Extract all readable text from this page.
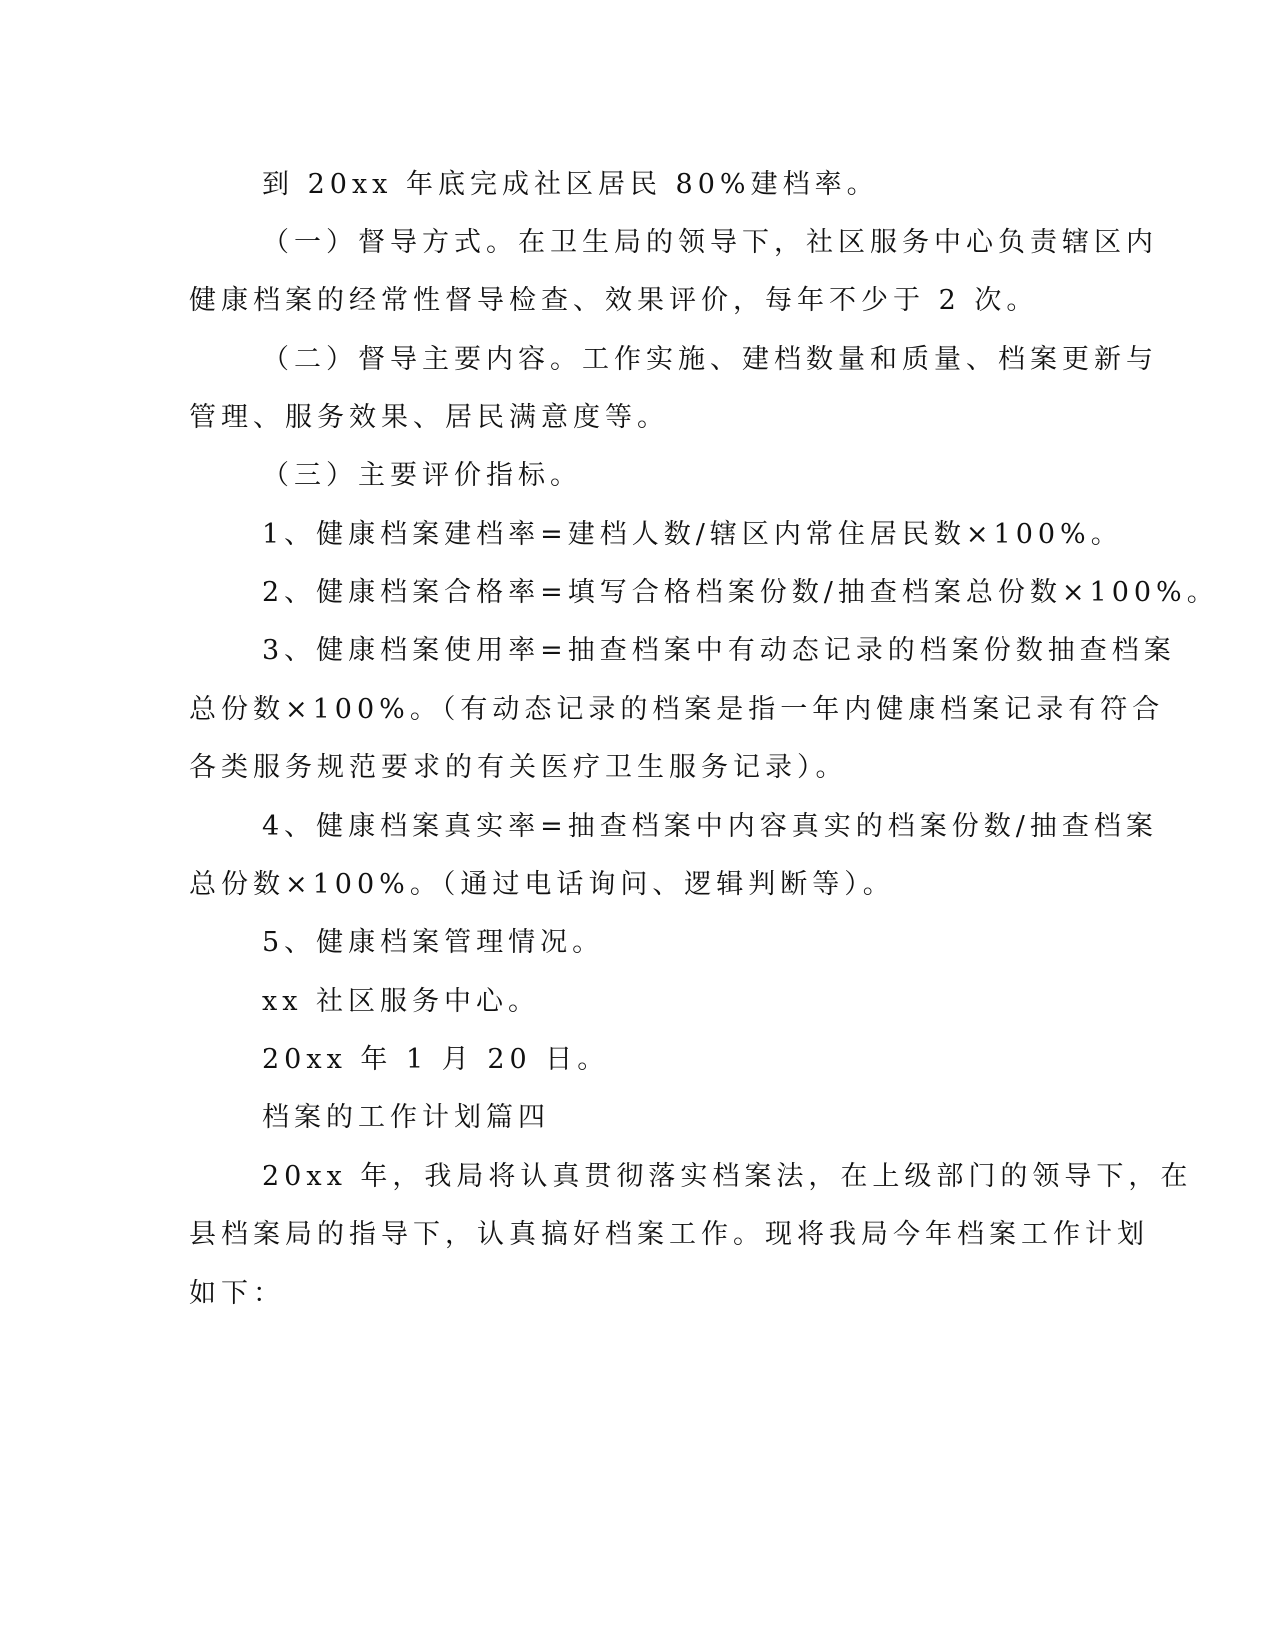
到 20xx 年底完成社区居民 80%建档率。

（一）督导方式。在卫生局的领导下，社区服务中心负责辖区内

健康档案的经常性督导检查、效果评价，每年不少于 2 次。

（二）督导主要内容。工作实施、建档数量和质量、档案更新与

管理、服务效果、居民满意度等。

（三）主要评价指标。

1、健康档案建档率=建档人数/辖区内常住居民数×100%。

2、健康档案合格率=填写合格档案份数/抽查档案总份数×100%。

3、健康档案使用率=抽查档案中有动态记录的档案份数抽查档案

总份数×100%。（有动态记录的档案是指一年内健康档案记录有符合

各类服务规范要求的有关医疗卫生服务记录）。

4、健康档案真实率=抽查档案中内容真实的档案份数/抽查档案

总份数×100%。（通过电话询问、逻辑判断等）。

5、健康档案管理情况。

xx 社区服务中心。

20xx 年 1 月 20 日。

档案的工作计划篇四

20xx 年，我局将认真贯彻落实档案法，在上级部门的领导下，在

县档案局的指导下，认真搞好档案工作。现将我局今年档案工作计划

如下：
